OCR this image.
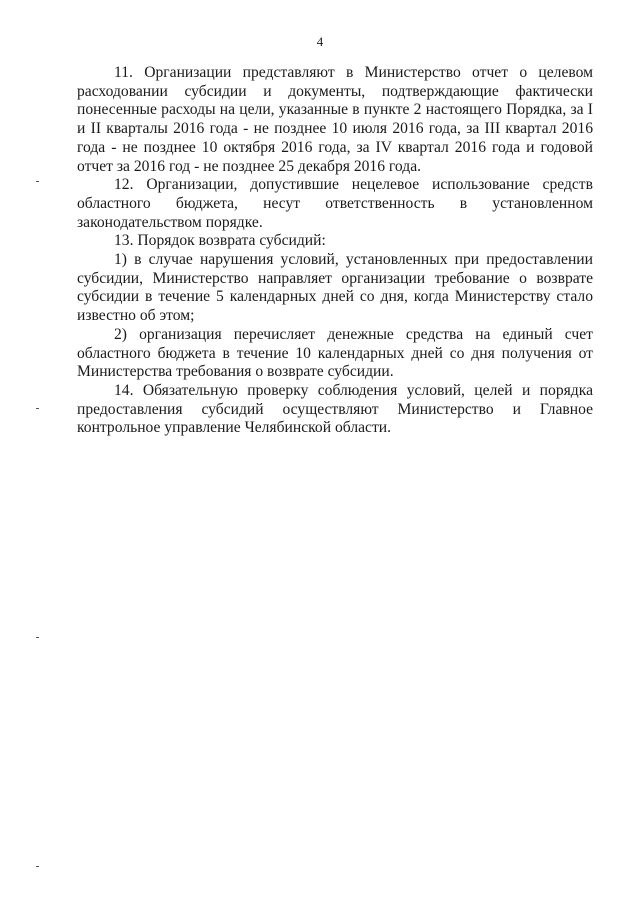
4

11. Организации представляют в Министерство отчет о целевом расходовании субсидии и документы, подтверждающие фактически понесенные расходы на цели, указанные в пункте 2 настоящего Порядка, за I и II кварталы 2016 года - не позднее 10 июля 2016 года, за III квартал 2016 года - не позднее 10 октября 2016 года, за IV квартал 2016 года и годовой отчет за 2016 год - не позднее 25 декабря 2016 года.

12. Организации, допустившие нецелевое использование средств областного бюджета, несут ответственность в установленном законодательством порядке.

13. Порядок возврата субсидий:

1) в случае нарушения условий, установленных при предоставлении субсидии, Министерство направляет организации требование о возврате субсидии в течение 5 календарных дней со дня, когда Министерству стало известно об этом;

2) организация перечисляет денежные средства на единый счет областного бюджета в течение 10 календарных дней со дня получения от Министерства требования о возврате субсидии.

14. Обязательную проверку соблюдения условий, целей и порядка предоставления субсидий осуществляют Министерство и Главное контрольное управление Челябинской области.
